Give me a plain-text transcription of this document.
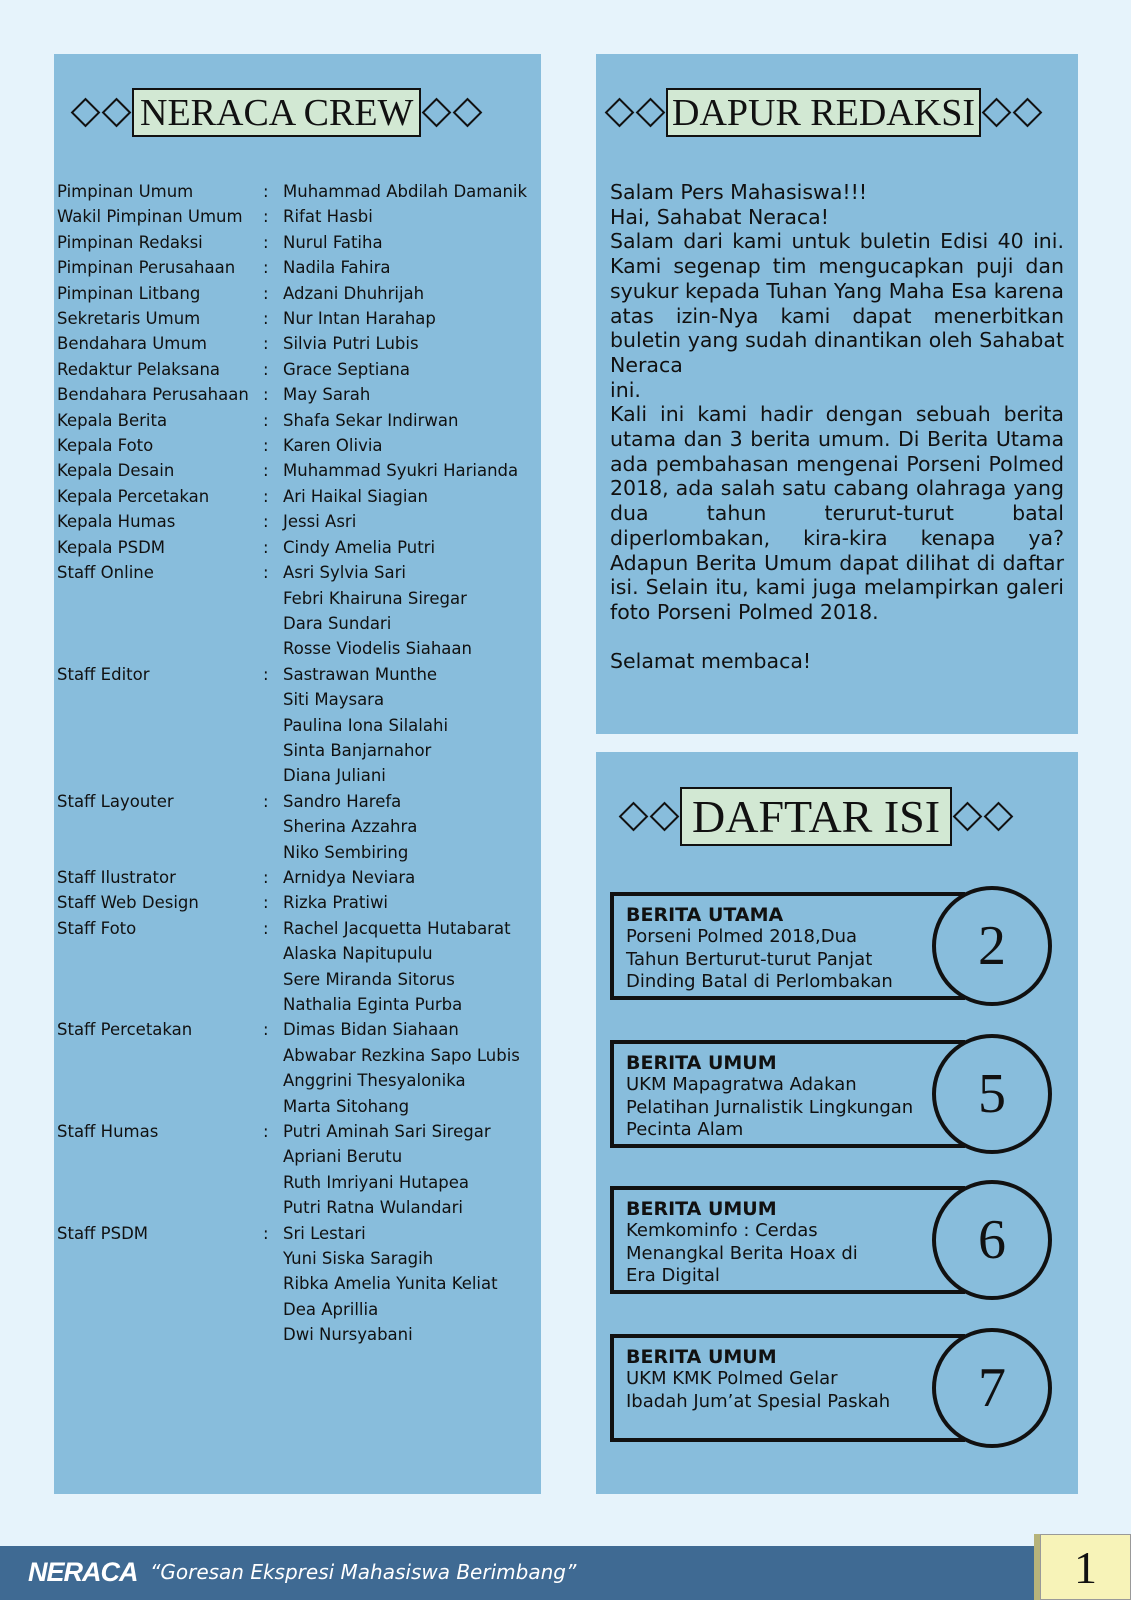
NERACA CREW
Pimpinan Umum	: Muhammad Abdilah Damanik
Wakil Pimpinan Umum	: Rifat Hasbi
Pimpinan Redaksi	: Nurul Fatiha
Pimpinan Perusahaan	: Nadila Fahira
Pimpinan Litbang	: Adzani Dhuhrijah
Sekretaris Umum	: Nur Intan Harahap
Bendahara Umum	: Silvia Putri Lubis
Redaktur Pelaksana	: Grace Septiana
Bendahara Perusahaan : May Sarah
Kepala Berita	: Shafa Sekar Indirwan
Kepala Foto	: Karen Olivia
Kepala Desain	: Muhammad Syukri Harianda
Kepala Percetakan	: Ari Haikal Siagian
Kepala Humas	: Jessi Asri
Kepala PSDM	: Cindy Amelia Putri
Staff Online	: Asri Sylvia Sari
Febri Khairuna Siregar
Dara Sundari
Rosse Viodelis Siahaan
Staff Editor	: Sastrawan Munthe
Siti Maysara
Paulina Iona Silalahi
Sinta Banjarnahor
Diana Juliani
Staff Layouter	: Sandro Harefa
Sherina Azzahra
Niko Sembiring
Staff Ilustrator	: Arnidya Neviara
Staff Web Design	: Rizka Pratiwi
Staff Foto	: Rachel Jacquetta Hutabarat
Alaska Napitupulu
Sere Miranda Sitorus
Nathalia Eginta Purba
Staff Percetakan	: Dimas Bidan Siahaan
Abwabar Rezkina Sapo Lubis
Anggrini Thesyalonika
Marta Sitohang
Staff Humas	: Putri Aminah Sari Siregar
Apriani Berutu
Ruth Imriyani Hutapea
Putri Ratna Wulandari
Staff PSDM	: Sri Lestari
Yuni Siska Saragih
Ribka Amelia Yunita Keliat
Dea Aprillia
Dwi Nursyabani
DAPUR REDAKSI

Salam Pers Mahasiswa!!!

Hai, Sahabat Neraca!

Salam dari kami untuk buletin Edisi 40 ini. Kami segenap tim mengucapkan puji dan syukur kepada Tuhan Yang Maha Esa karena atas izin-Nya kami dapat menerbitkan buletin yang sudah dinantikan oleh Sahabat Neraca

ini.

Kali ini kami hadir dengan sebuah berita utama dan 3 berita umum. Di Berita Utama ada pembahasan mengenai Porseni Polmed 2018, ada salah satu cabang olahraga yang dua tahun terurut-turut batal diperlombakan, kira-kira kenapa ya? Adapun Berita Umum dapat dilihat di daftar isi. Selain itu, kami juga melampirkan galeri foto Porseni Polmed 2018.

Selamat membaca!

DAFTAR ISI
BERITA UTAMA
Porseni Polmed 2018,Dua
Tahun Berturut-turut Panjat
Dinding Batal di Perlombakan
2
BERITA UMUM
UKM Mapagratwa Adakan
Pelatihan Jurnalistik Lingkungan
Pecinta Alam
5
BERITA UMUM
Kemkominfo : Cerdas
Menangkal Berita Hoax di
Era Digital
6
BERITA UMUM
UKM KMK Polmed Gelar
Ibadah Jum’at Spesial Paskah	7
NERACA “Goresan Ekspresi Mahasiswa Berimbang”	1
